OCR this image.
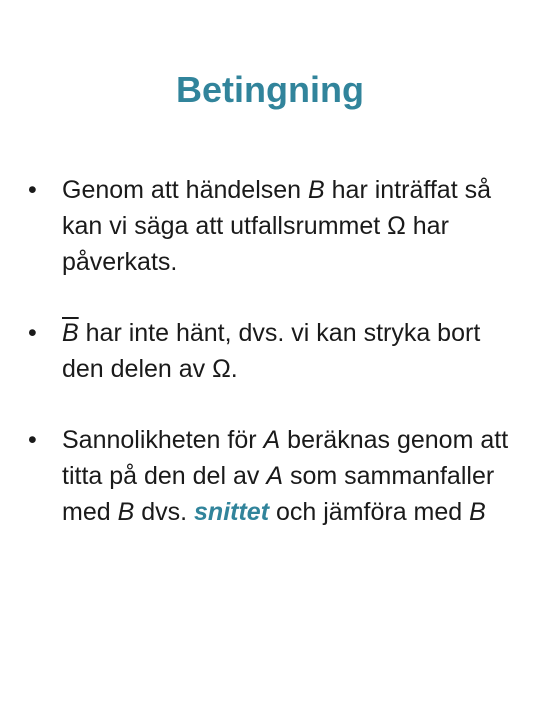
Betingning
•	Genom att händelsen B har inträffat så kan vi säga att utfallsrummet Ω har påverkats.
•	$\overline{B}$ har inte hänt, dvs. vi kan stryka bort den delen av Ω.
•	Sannolikheten för A beräknas genom att titta på den del av A som sammanfaller med B dvs. snittet och jämföra med B
